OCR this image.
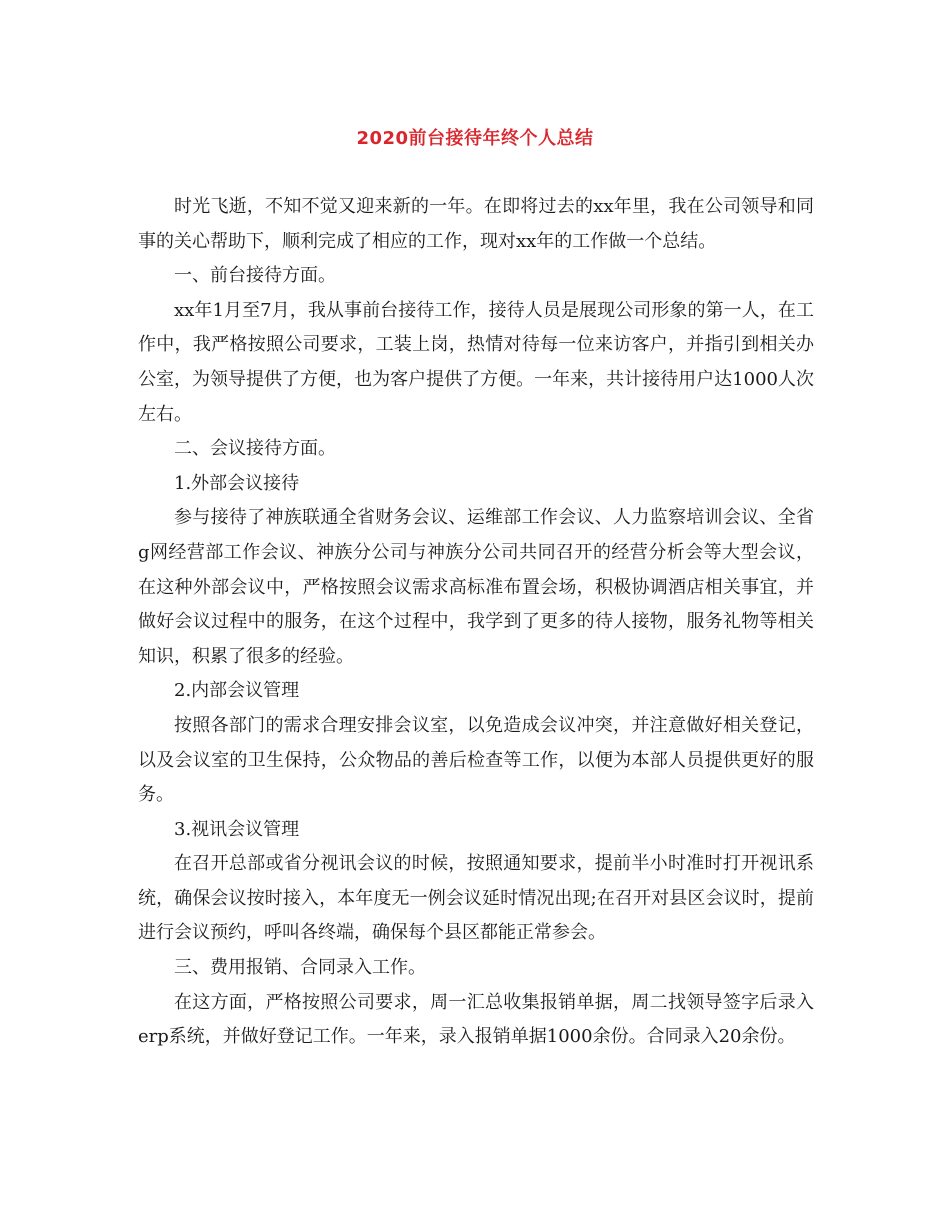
2020前台接待年终个人总结

时光飞逝，不知不觉又迎来新的一年。在即将过去的xx年里，我在公司领导和同事的关心帮助下，顺利完成了相应的工作，现对xx年的工作做一个总结。

一、前台接待方面。

xx年1月至7月，我从事前台接待工作，接待人员是展现公司形象的第一人，在工作中，我严格按照公司要求，工装上岗，热情对待每一位来访客户，并指引到相关办公室，为领导提供了方便，也为客户提供了方便。一年来，共计接待用户达1000人次左右。

二、会议接待方面。

1.外部会议接待

参与接待了神族联通全省财务会议、运维部工作会议、人力监察培训会议、全省g网经营部工作会议、神族分公司与神族分公司共同召开的经营分析会等大型会议，在这种外部会议中，严格按照会议需求高标准布置会场，积极协调酒店相关事宜，并做好会议过程中的服务，在这个过程中，我学到了更多的待人接物，服务礼物等相关知识，积累了很多的经验。

2.内部会议管理

按照各部门的需求合理安排会议室，以免造成会议冲突，并注意做好相关登记，以及会议室的卫生保持，公众物品的善后检查等工作，以便为本部人员提供更好的服务。

3.视讯会议管理

在召开总部或省分视讯会议的时候，按照通知要求，提前半小时准时打开视讯系统，确保会议按时接入，本年度无一例会议延时情况出现;在召开对县区会议时，提前进行会议预约，呼叫各终端，确保每个县区都能正常参会。

三、费用报销、合同录入工作。

在这方面，严格按照公司要求，周一汇总收集报销单据，周二找领导签字后录入erp系统，并做好登记工作。一年来，录入报销单据1000余份。合同录入20余份。
